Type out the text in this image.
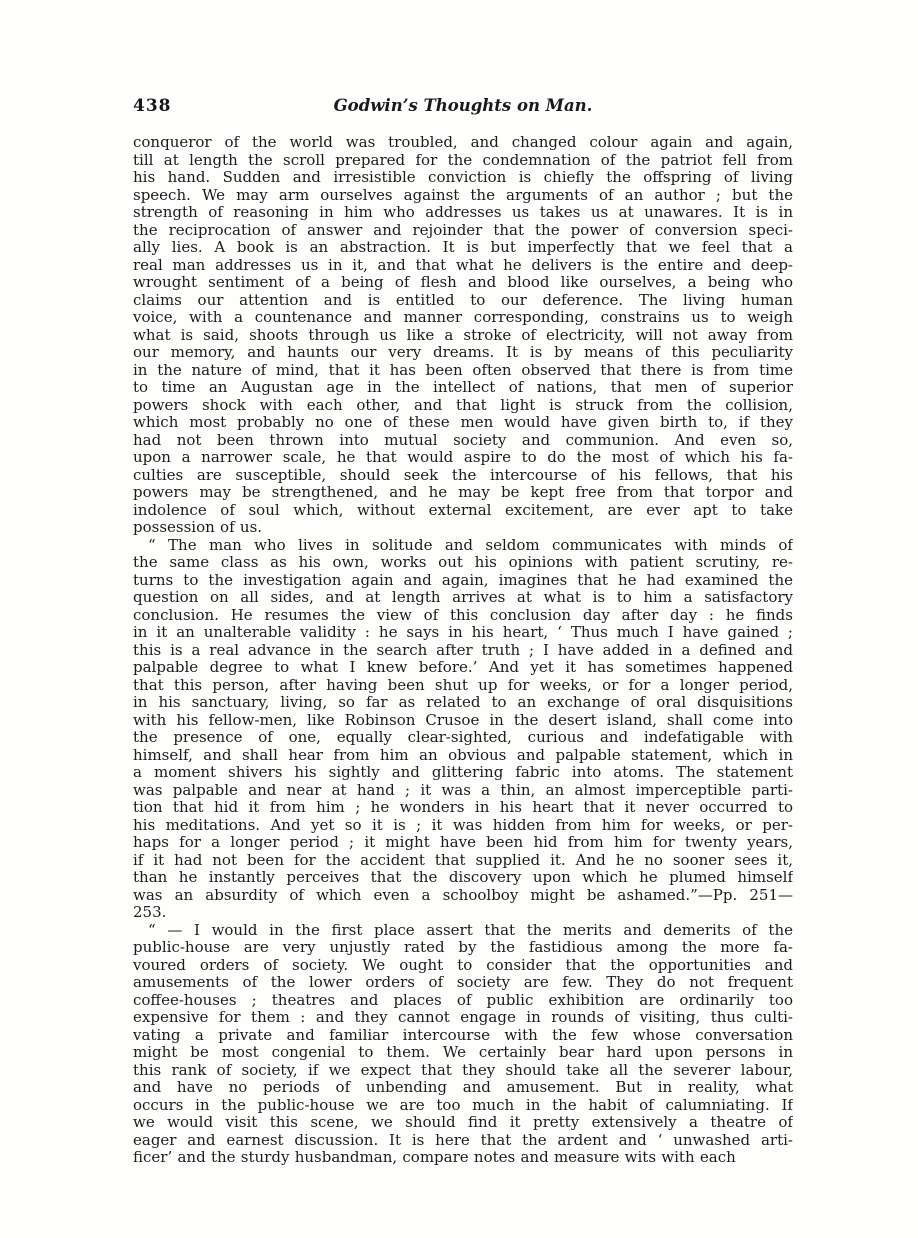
438	Godwin’s Thoughts on Man.
conqueror of the world was troubled, and changed colour again and again,
till at length the scroll prepared for the condemnation of the patriot fell from
his hand. Sudden and irresistible conviction is chiefly the offspring of living
speech. We may arm ourselves against the arguments of an author ; but the
strength of reasoning in him who addresses us takes us at unawares. It is in
the reciprocation of answer and rejoinder that the power of conversion speci-
ally lies. A book is an abstraction. It is but imperfectly that we feel that a
real man addresses us in it, and that what he delivers is the entire and deep-
wrought sentiment of a being of flesh and blood like ourselves, a being who
claims our attention and is entitled to our deference. The living human
voice, with a countenance and manner corresponding, constrains us to weigh
what is said, shoots through us like a stroke of electricity, will not away from
our memory, and haunts our very dreams. It is by means of this peculiarity
in the nature of mind, that it has been often observed that there is from time
to time an Augustan age in the intellect of nations, that men of superior
powers shock with each other, and that light is struck from the collision,
which most probably no one of these men would have given birth to, if they
had not been thrown into mutual society and communion. And even so,
upon a narrower scale, he that would aspire to do the most of which his fa-
culties are susceptible, should seek the intercourse of his fellows, that his
powers may be strengthened, and he may be kept free from that torpor and
indolence of soul which, without external excitement, are ever apt to take
possession of us.
“ The man who lives in solitude and seldom communicates with minds of
the same class as his own, works out his opinions with patient scrutiny, re-
turns to the investigation again and again, imagines that he had examined the
question on all sides, and at length arrives at what is to him a satisfactory
conclusion. He resumes the view of this conclusion day after day : he finds
in it an unalterable validity : he says in his heart, ‘ Thus much I have gained ;
this is a real advance in the search after truth ; I have added in a defined and
palpable degree to what I knew before.’ And yet it has sometimes happened
that this person, after having been shut up for weeks, or for a longer period,
in his sanctuary, living, so far as related to an exchange of oral disquisitions
with his fellow-men, like Robinson Crusoe in the desert island, shall come into
the presence of one, equally clear-sighted, curious and indefatigable with
himself, and shall hear from him an obvious and palpable statement, which in
a moment shivers his sightly and glittering fabric into atoms. The statement
was palpable and near at hand ; it was a thin, an almost imperceptible parti-
tion that hid it from him ; he wonders in his heart that it never occurred to
his meditations. And yet so it is ; it was hidden from him for weeks, or per-
haps for a longer period ; it might have been hid from him for twenty years,
if it had not been for the accident that supplied it. And he no sooner sees it,
than he instantly perceives that the discovery upon which he plumed himself
was an absurdity of which even a schoolboy might be ashamed.”—Pp. 251—
253.
“ — I would in the first place assert that the merits and demerits of the
public-house are very unjustly rated by the fastidious among the more fa-
voured orders of society. We ought to consider that the opportunities and
amusements of the lower orders of society are few. They do not frequent
coffee-houses ; theatres and places of public exhibition are ordinarily too
expensive for them : and they cannot engage in rounds of visiting, thus culti-
vating a private and familiar intercourse with the few whose conversation
might be most congenial to them. We certainly bear hard upon persons in
this rank of society, if we expect that they should take all the severer labour,
and have no periods of unbending and amusement. But in reality, what
occurs in the public-house we are too much in the habit of calumniating. If
we would visit this scene, we should find it pretty extensively a theatre of
eager and earnest discussion. It is here that the ardent and ‘ unwashed arti-
ficer’ and the sturdy husbandman, compare notes and measure wits with each
